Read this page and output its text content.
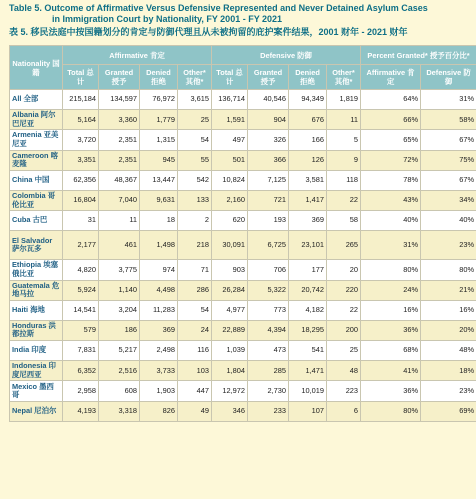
Table 5. Outcome of Affirmative Versus Defensive Represented and Never Detained Asylum Cases
in Immigration Court by Nationality, FY 2001 - FY 2021
表 5. 移民法庭中按国籍划分的肯定与防御代理且从未被拘留的庇护案件结果，2001 财年 - 2021 财年
Nationality 国籍	Affirmative 肯定				Defensive 防御				Percent Granted* 授予百分比*	
	Total 总计	Granted 授予	Denied 拒绝	Other* 其他*	Total 总计	Granted 授予	Denied 拒绝	Other* 其他*	Affirmative 肯定	Defensive 防御
All 全部	215,184	134,597	76,972	3,615	136,714	40,546	94,349	1,819	64%	31%
Albania 阿尔巴尼亚	5,164	3,360	1,779	25	1,591	904	676	11	66%	58%
Armenia 亚美尼亚	3,720	2,351	1,315	54	497	326	166	5	65%	67%
Cameroon 喀麦隆	3,351	2,351	945	55	501	366	126	9	72%	75%
China 中国	62,356	48,367	13,447	542	10,824	7,125	3,581	118	78%	67%
Colombia 哥伦比亚	16,804	7,040	9,631	133	2,160	721	1,417	22	43%	34%
Cuba 古巴	31	11	18	2	620	193	369	58	40%	40%
El Salvador 萨尔瓦多	2,177	461	1,498	218	30,091	6,725	23,101	265	31%	23%
Ethiopia 埃塞俄比亚	4,820	3,775	974	71	903	706	177	20	80%	80%
Guatemala 危地马拉	5,924	1,140	4,498	286	26,284	5,322	20,742	220	24%	21%
Haiti 海地	14,541	3,204	11,283	54	4,977	773	4,182	22	16%	16%
Honduras 洪都拉斯	579	186	369	24	22,889	4,394	18,295	200	36%	20%
India 印度	7,831	5,217	2,498	116	1,039	473	541	25	68%	48%
Indonesia 印度尼西亚	6,352	2,516	3,733	103	1,804	285	1,471	48	41%	18%
Mexico 墨西哥	2,958	608	1,903	447	12,972	2,730	10,019	223	36%	23%
Nepal 尼泊尔	4,193	3,318	826	49	346	233	107	6	80%	69%
